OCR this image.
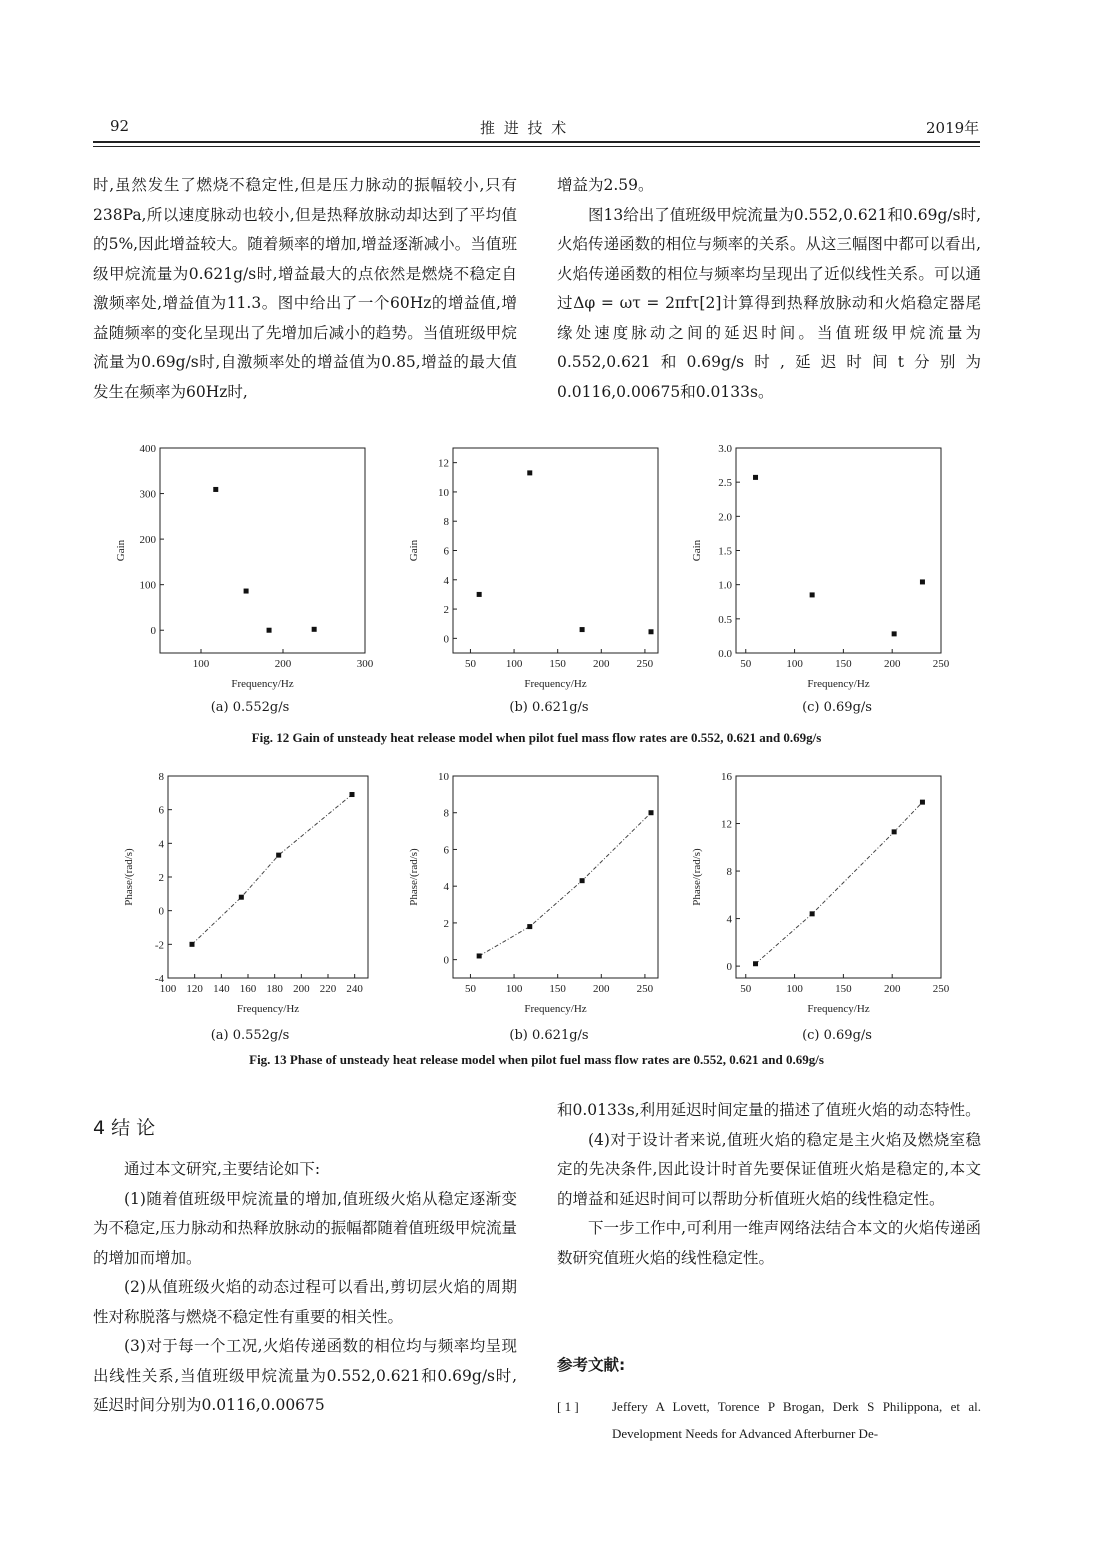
92	推 进 技 术	2019年

时,虽然发生了燃烧不稳定性,但是压力脉动的振幅较小,只有238Pa,所以速度脉动也较小,但是热释放脉动却达到了平均值的5%,因此增益较大。随着频率的增加,增益逐渐减小。当值班级甲烷流量为0.621g/s时,增益最大的点依然是燃烧不稳定自激频率处,增益值为11.3。图中给出了一个60Hz的增益值,增益随频率的变化呈现出了先增加后减小的趋势。当值班级甲烷流量为0.69g/s时,自激频率处的增益值为0.85,增益的最大值发生在频率为60Hz时,

增益为2.59。

图13给出了值班级甲烷流量为0.552,0.621和0.69g/s时,火焰传递函数的相位与频率的关系。从这三幅图中都可以看出,火焰传递函数的相位与频率均呈现出了近似线性关系。可以通过Δφ = ωτ = 2πfτ[2]计算得到热释放脉动和火焰稳定器尾缘处速度脉动之间的延迟时间。当值班级甲烷流量为0.552,0.621和0.69g/s时,延迟时间t分别为0.0116,0.00675和0.0133s。

100	200	300
0
100
200
300
400
Frequency/Hz
Gain
50	100 150 200 250
0
2
4
6
8
10
12
Frequency/Hz
Gain
50	100	150	200	250
0.0
0.5
1.0
1.5
2.0
2.5
3.0
Frequency/Hz
Gain
(a) 0.552g/s	(b) 0.621g/s	(c) 0.69g/s
Fig. 12 Gain of unsteady heat release model when pilot fuel mass flow rates are 0.552, 0.621 and 0.69g/s
100 120 140 160 180 200 220 240
-4
-2
0
2
4
6
8
Frequency/Hz
Phase/(rad/s)
50	100 150 200 250
0
2
4
6
8
10
Frequency/Hz
Phase/(rad/s)
50	100	150	200	250
0
4
8
12
16
Frequency/Hz
Phase/(rad/s)
(a) 0.552g/s	(b) 0.621g/s	(c) 0.69g/s
Fig. 13 Phase of unsteady heat release model when pilot fuel mass flow rates are 0.552, 0.621 and 0.69g/s
4 结 论

通过本文研究,主要结论如下:

(1)随着值班级甲烷流量的增加,值班级火焰从稳定逐渐变为不稳定,压力脉动和热释放脉动的振幅都随着值班级甲烷流量的增加而增加。

(2)从值班级火焰的动态过程可以看出,剪切层火焰的周期性对称脱落与燃烧不稳定性有重要的相关性。

(3)对于每一个工况,火焰传递函数的相位均与频率均呈现出线性关系,当值班级甲烷流量为0.552,0.621和0.69g/s时,延迟时间分别为0.0116,0.00675

和0.0133s,利用延迟时间定量的描述了值班火焰的动态特性。

(4)对于设计者来说,值班火焰的稳定是主火焰及燃烧室稳定的先决条件,因此设计时首先要保证值班火焰是稳定的,本文的增益和延迟时间可以帮助分析值班火焰的线性稳定性。

下一步工作中,可利用一维声网络法结合本文的火焰传递函数研究值班火焰的线性稳定性。

参考文献:
[ 1 ]	Jeffery A Lovett, Torence P Brogan, Derk S Philippona, et al. Development Needs for Advanced Afterburner De-
